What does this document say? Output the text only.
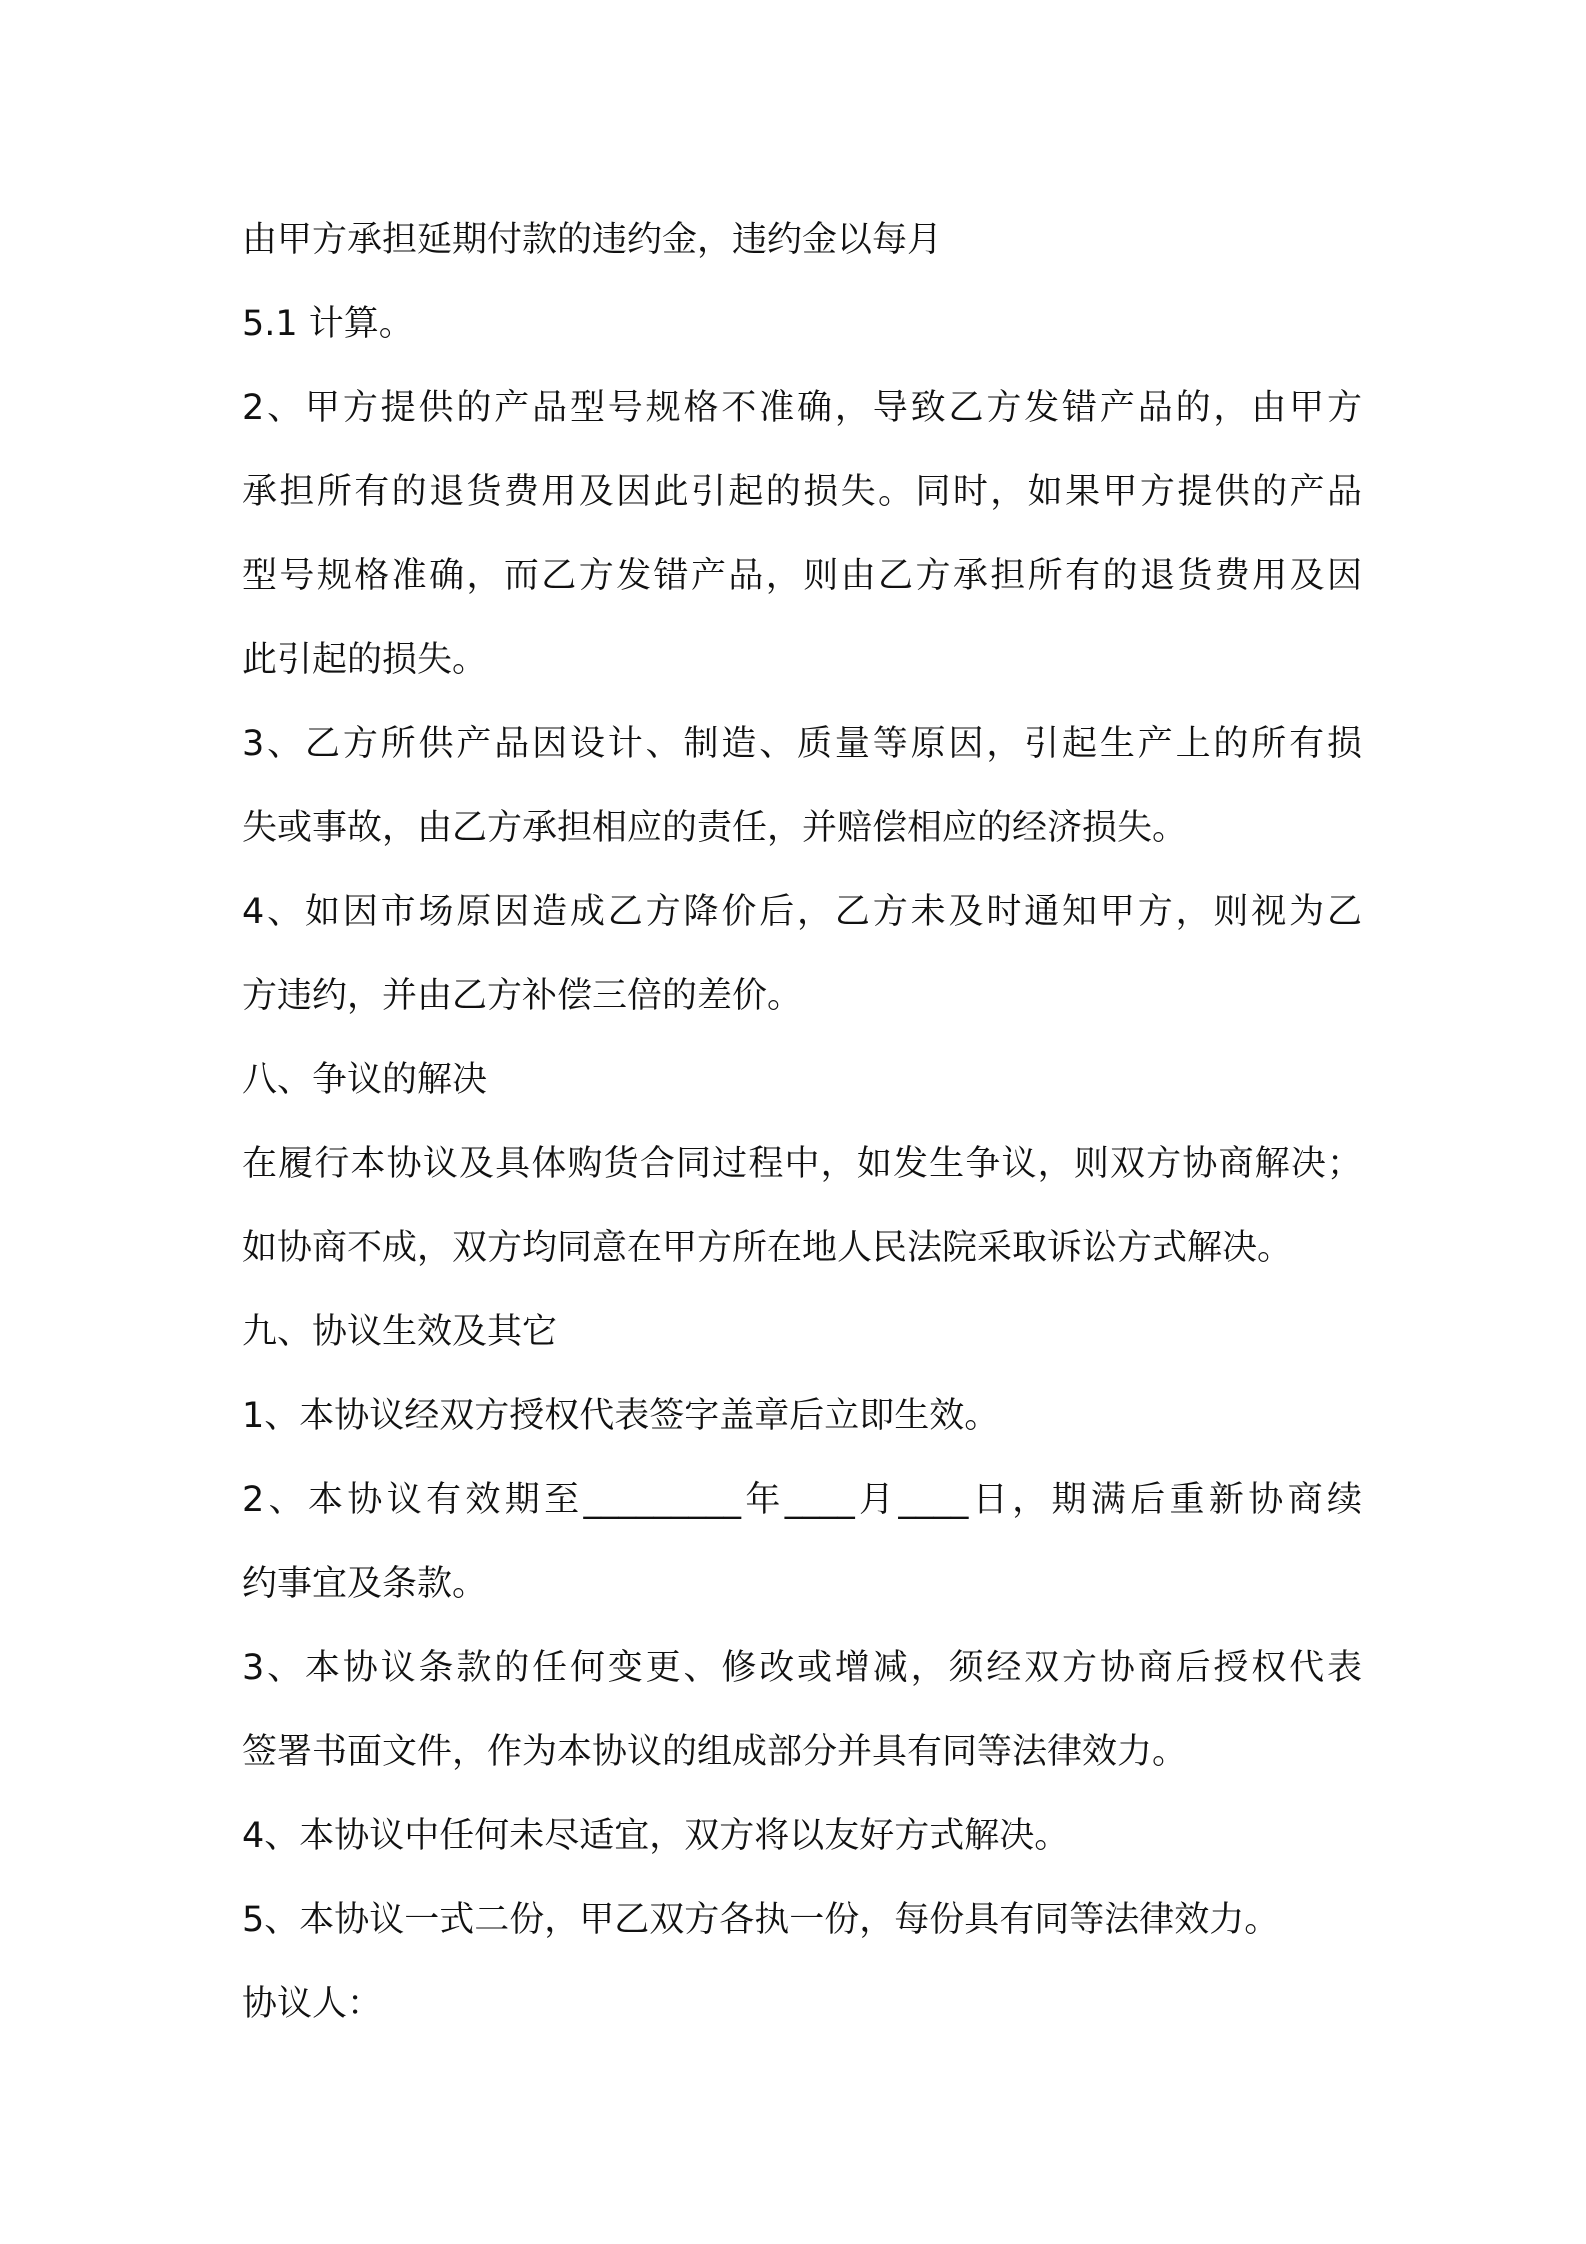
由甲方承担延期付款的违约金，违约金以每月
5.1 计算。
2、甲方提供的产品型号规格不准确，导致乙方发错产品的，由甲方
承担所有的退货费用及因此引起的损失。同时，如果甲方提供的产品
型号规格准确，而乙方发错产品，则由乙方承担所有的退货费用及因
此引起的损失。
3、乙方所供产品因设计、制造、质量等原因，引起生产上的所有损
失或事故，由乙方承担相应的责任，并赔偿相应的经济损失。
4、如因市场原因造成乙方降价后，乙方未及时通知甲方，则视为乙
方违约，并由乙方补偿三倍的差价。
八、争议的解决
在履行本协议及具体购货合同过程中，如发生争议，则双方协商解决；
如协商不成，双方均同意在甲方所在地人民法院采取诉讼方式解决。
九、协议生效及其它
1、本协议经双方授权代表签字盖章后立即生效。
2、本协议有效期至_________年____月____日，期满后重新协商续
约事宜及条款。
3、本协议条款的任何变更、修改或增减，须经双方协商后授权代表
签署书面文件，作为本协议的组成部分并具有同等法律效力。
4、本协议中任何未尽适宜，双方将以友好方式解决。
5、本协议一式二份，甲乙双方各执一份，每份具有同等法律效力。
协议人：
